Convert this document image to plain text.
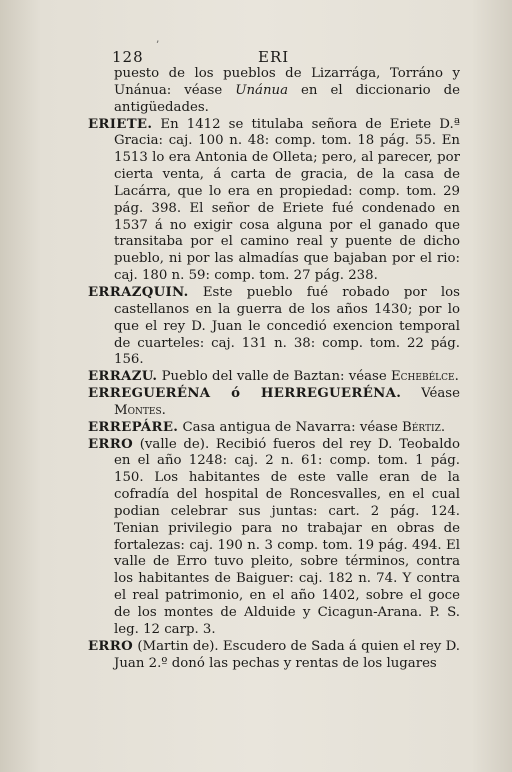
’
128	ERI

puesto de los pueblos de Lizarrága, Torráno y Unánua: véase Unánua en el diccionario de antigüedades.

ERIETE. En 1412 se titulaba señora de Eriete D.ª Gracia: caj. 100 n. 48: comp. tom. 18 pág. 55. En 1513 lo era Antonia de Olleta; pero, al parecer, por cierta venta, á carta de gracia, de la casa de Lacárra, que lo era en propiedad: comp. tom. 29 pág. 398. El señor de Eriete fué condenado en 1537 á no exigir cosa alguna por el ganado que transitaba por el camino real y puente de dicho pueblo, ni por las almadías que bajaban por el rio: caj. 180 n. 59: comp. tom. 27 pág. 238.

ERRAZQUIN. Este pueblo fué robado por los castellanos en la guerra de los años 1430; por lo que el rey D. Juan le concedió exencion temporal de cuarteles: caj. 131 n. 38: comp. tom. 22 pág. 156.

ERRAZU. Pueblo del valle de Baztan: véase Echebélce.

ERREGUERÉNA ó HERREGUERÉNA. Véase Montes.

ERREPÁRE. Casa antigua de Navarra: véase Bértiz.

ERRO (valle de). Recibió fueros del rey D. Teobaldo en el año 1248: caj. 2 n. 61: comp. tom. 1 pág. 150. Los habitantes de este valle eran de la cofradía del hospital de Roncesvalles, en el cual podian celebrar sus juntas: cart. 2 pág. 124. Tenian privilegio para no trabajar en obras de fortalezas: caj. 190 n. 3 comp. tom. 19 pág. 494. El valle de Erro tuvo pleito, sobre términos, contra los habitantes de Baiguer: caj. 182 n. 74. Y contra el real patrimonio, en el año 1402, sobre el goce de los montes de Alduide y Cicagun-Arana. P. S. leg. 12 carp. 3.

ERRO (Martin de). Escudero de Sada á quien el rey D. Juan 2.º donó las pechas y rentas de los lugares
